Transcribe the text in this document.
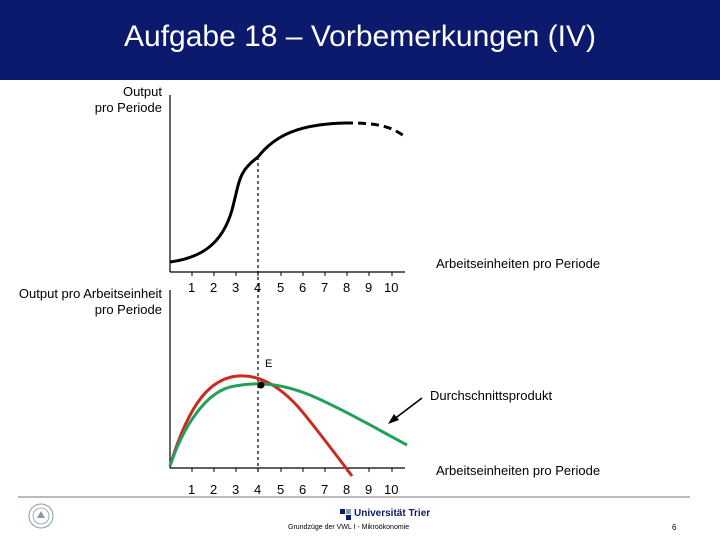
Aufgabe 18 – Vorbemerkungen (IV)
Output
pro Periode
Arbeitseinheiten pro Periode
1 2 3 4 5 6 7 8 9 10
Output pro Arbeitseinheit
pro Periode
E
Durchschnittsprodukt
Arbeitseinheiten pro Periode
1 2 3 4 5 6 7 8 9 10
Universität Trier
Grundzüge der VWL I - Mikroökonomie	6
